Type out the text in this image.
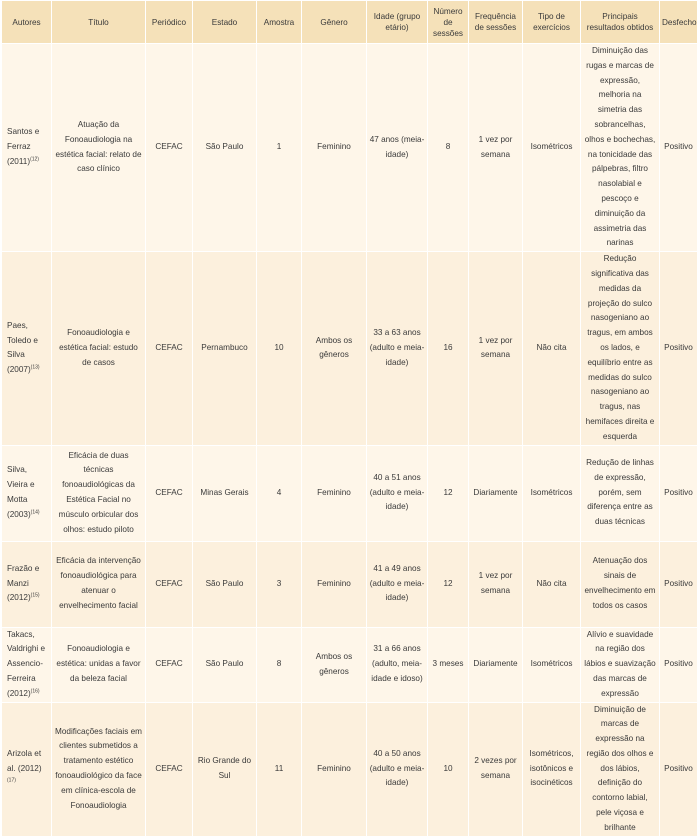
Autores	Título	Periódico	Estado	Amostra	Gênero	Idade (grupo etário)	Número de sessões	Frequência de sessões	Tipo de exercícios	Principais resultados obtidos	Desfecho
Santos e Ferraz (2011)$^{(12)}$	Atuação da Fonoaudiologia na estética facial: relato de caso clínico	CEFAC	São Paulo	1	Feminino	47 anos (meia-idade)	8	1 vez por semana	Isométricos	Diminuição das rugas e marcas de expressão, melhoria na simetria das sobrancelhas, olhos e bochechas, na tonicidade das pálpebras, filtro nasolabial e pescoço e diminuição da assimetria das narinas	Positivo
Paes, Toledo e Silva (2007)$^{(13)}$	Fonoaudiologia e estética facial: estudo de casos	CEFAC	Pernambuco	10	Ambos os gêneros	33 a 63 anos (adulto e meia-idade)	16	1 vez por semana	Não cita	Redução significativa das medidas da projeção do sulco nasogeniano ao tragus, em ambos os lados, e equilíbrio entre as medidas do sulco nasogeniano ao tragus, nas hemifaces direita e esquerda	Positivo
Silva, Vieira e Motta (2003)$^{(14)}$	Eficácia de duas técnicas fonoaudiológicas da Estética Facial no músculo orbicular dos olhos: estudo piloto	CEFAC	Minas Gerais	4	Feminino	40 a 51 anos (adulto e meia-idade)	12	Diariamente	Isométricos	Redução de linhas de expressão, porém, sem diferença entre as duas técnicas	Positivo
Frazão e Manzi (2012)$^{(15)}$	Eficácia da intervenção fonoaudiológica para atenuar o envelhecimento facial	CEFAC	São Paulo	3	Feminino	41 a 49 anos (adulto e meia-idade)	12	1 vez por semana	Não cita	Atenuação dos sinais de envelhecimento em todos os casos	Positivo
Takacs, Valdrighi e Assencio-Ferreira (2012)$^{(16)}$	Fonoaudiologia e estética: unidas a favor da beleza facial	CEFAC	São Paulo	8	Ambos os gêneros	31 a 66 anos (adulto, meia-idade e idoso)	3 meses	Diariamente	Isométricos	Alívio e suavidade na região dos lábios e suavização das marcas de expressão	Positivo
Arizola et al. (2012)$^{(17)}$	Modificações faciais em clientes submetidos a tratamento estético fonoaudiológico da face em clínica-escola de Fonoaudiologia	CEFAC	Rio Grande do Sul	11	Feminino	40 a 50 anos (adulto e meia-idade)	10	2 vezes por semana	Isométricos, isotônicos e isocinéticos	Diminuição de marcas de expressão na região dos olhos e dos lábios, definição do contorno labial, pele viçosa e brilhante	Positivo
